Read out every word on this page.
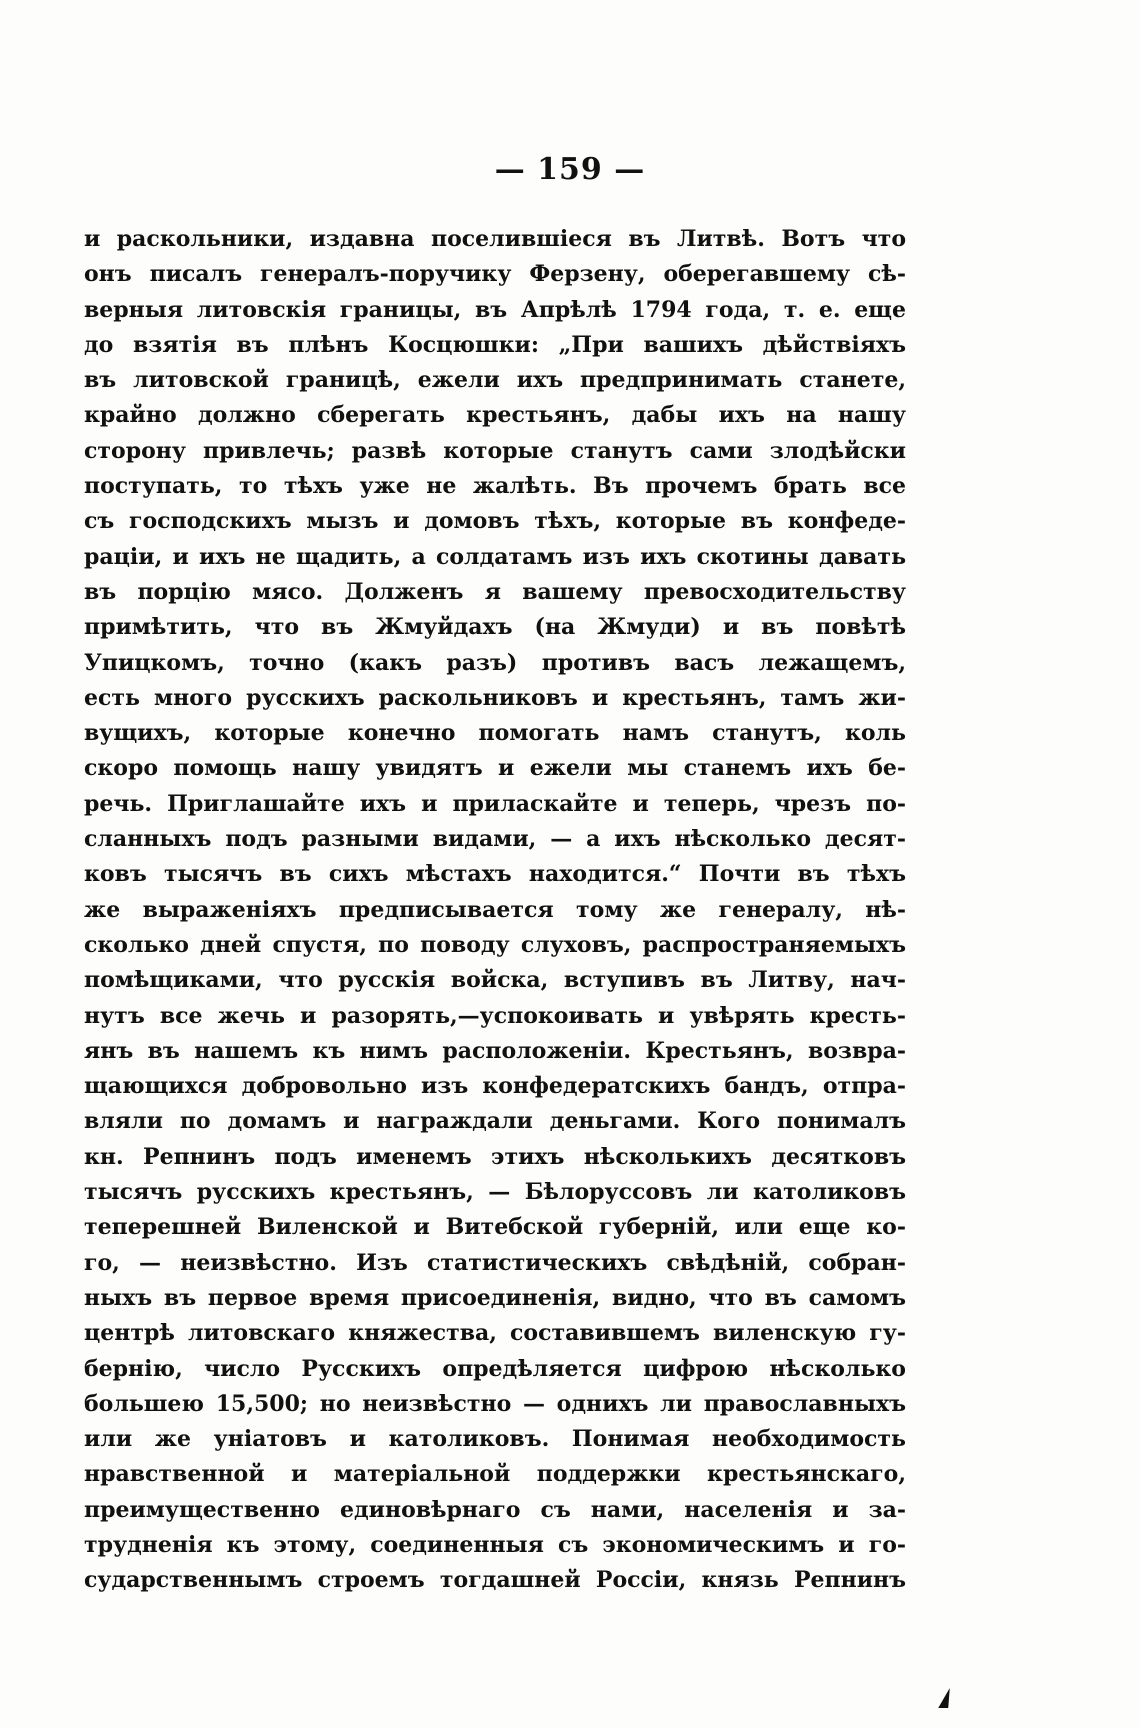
— 159 —
и раскольники, издавна поселившіеся въ Литвѣ. Вотъ что
онъ писалъ генералъ-поручику Ферзену, оберегавшему сѣ-
верныя литовскія границы, въ Апрѣлѣ 1794 года, т. е. еще
до взятія въ плѣнъ Косцюшки: „При вашихъ дѣйствіяхъ
въ литовской границѣ, ежели ихъ предпринимать станете,
крайно должно сберегать крестьянъ, дабы ихъ на нашу
сторону привлечь; развѣ которые станутъ сами злодѣйски
поступать, то тѣхъ уже не жалѣть. Въ прочемъ брать все
съ господскихъ мызъ и домовъ тѣхъ, которые въ конфеде-
раціи, и ихъ не щадить, а солдатамъ изъ ихъ скотины давать
въ порцію мясо. Долженъ я вашему превосходительству
примѣтить, что въ Жмуйдахъ (на Жмуди) и въ повѣтѣ
Упицкомъ, точно (какъ разъ) противъ васъ лежащемъ,
есть много русскихъ раскольниковъ и крестьянъ, тамъ жи-
вущихъ, которые конечно помогать намъ станутъ, коль
скоро помощь нашу увидятъ и ежели мы станемъ ихъ бе-
речь. Приглашайте ихъ и приласкайте и теперь, чрезъ по-
сланныхъ подъ разными видами, — а ихъ нѣсколько десят-
ковъ тысячъ въ сихъ мѣстахъ находится.“ Почти въ тѣхъ
же выраженіяхъ предписывается тому же генералу, нѣ-
сколько дней спустя, по поводу слуховъ, распространяемыхъ
помѣщиками, что русскія войска, вступивъ въ Литву, нач-
нутъ все жечь и разорять,—успокоивать и увѣрять кресть-
янъ въ нашемъ къ нимъ расположеніи. Крестьянъ, возвра-
щающихся добровольно изъ конфедератскихъ бандъ, отпра-
вляли по домамъ и награждали деньгами. Кого понималъ
кн. Репнинъ подъ именемъ этихъ нѣсколькихъ десятковъ
тысячъ русскихъ крестьянъ, — Бѣлоруссовъ ли католиковъ
теперешней Виленской и Витебской губерній, или еще ко-
го, — неизвѣстно. Изъ статистическихъ свѣдѣній, собран-
ныхъ въ первое время присоединенія, видно, что въ самомъ
центрѣ литовскаго княжества, составившемъ виленскую гу-
бернію, число Русскихъ опредѣляется цифрою нѣсколько
большею 15,500; но неизвѣстно — однихъ ли православныхъ
или же уніатовъ и католиковъ. Понимая необходимость
нравственной и матеріальной поддержки крестьянскаго,
преимущественно единовѣрнаго съ нами, населенія и за-
трудненія къ этому, соединенныя съ экономическимъ и го-
сударственнымъ строемъ тогдашней Россіи, князь Репнинъ
